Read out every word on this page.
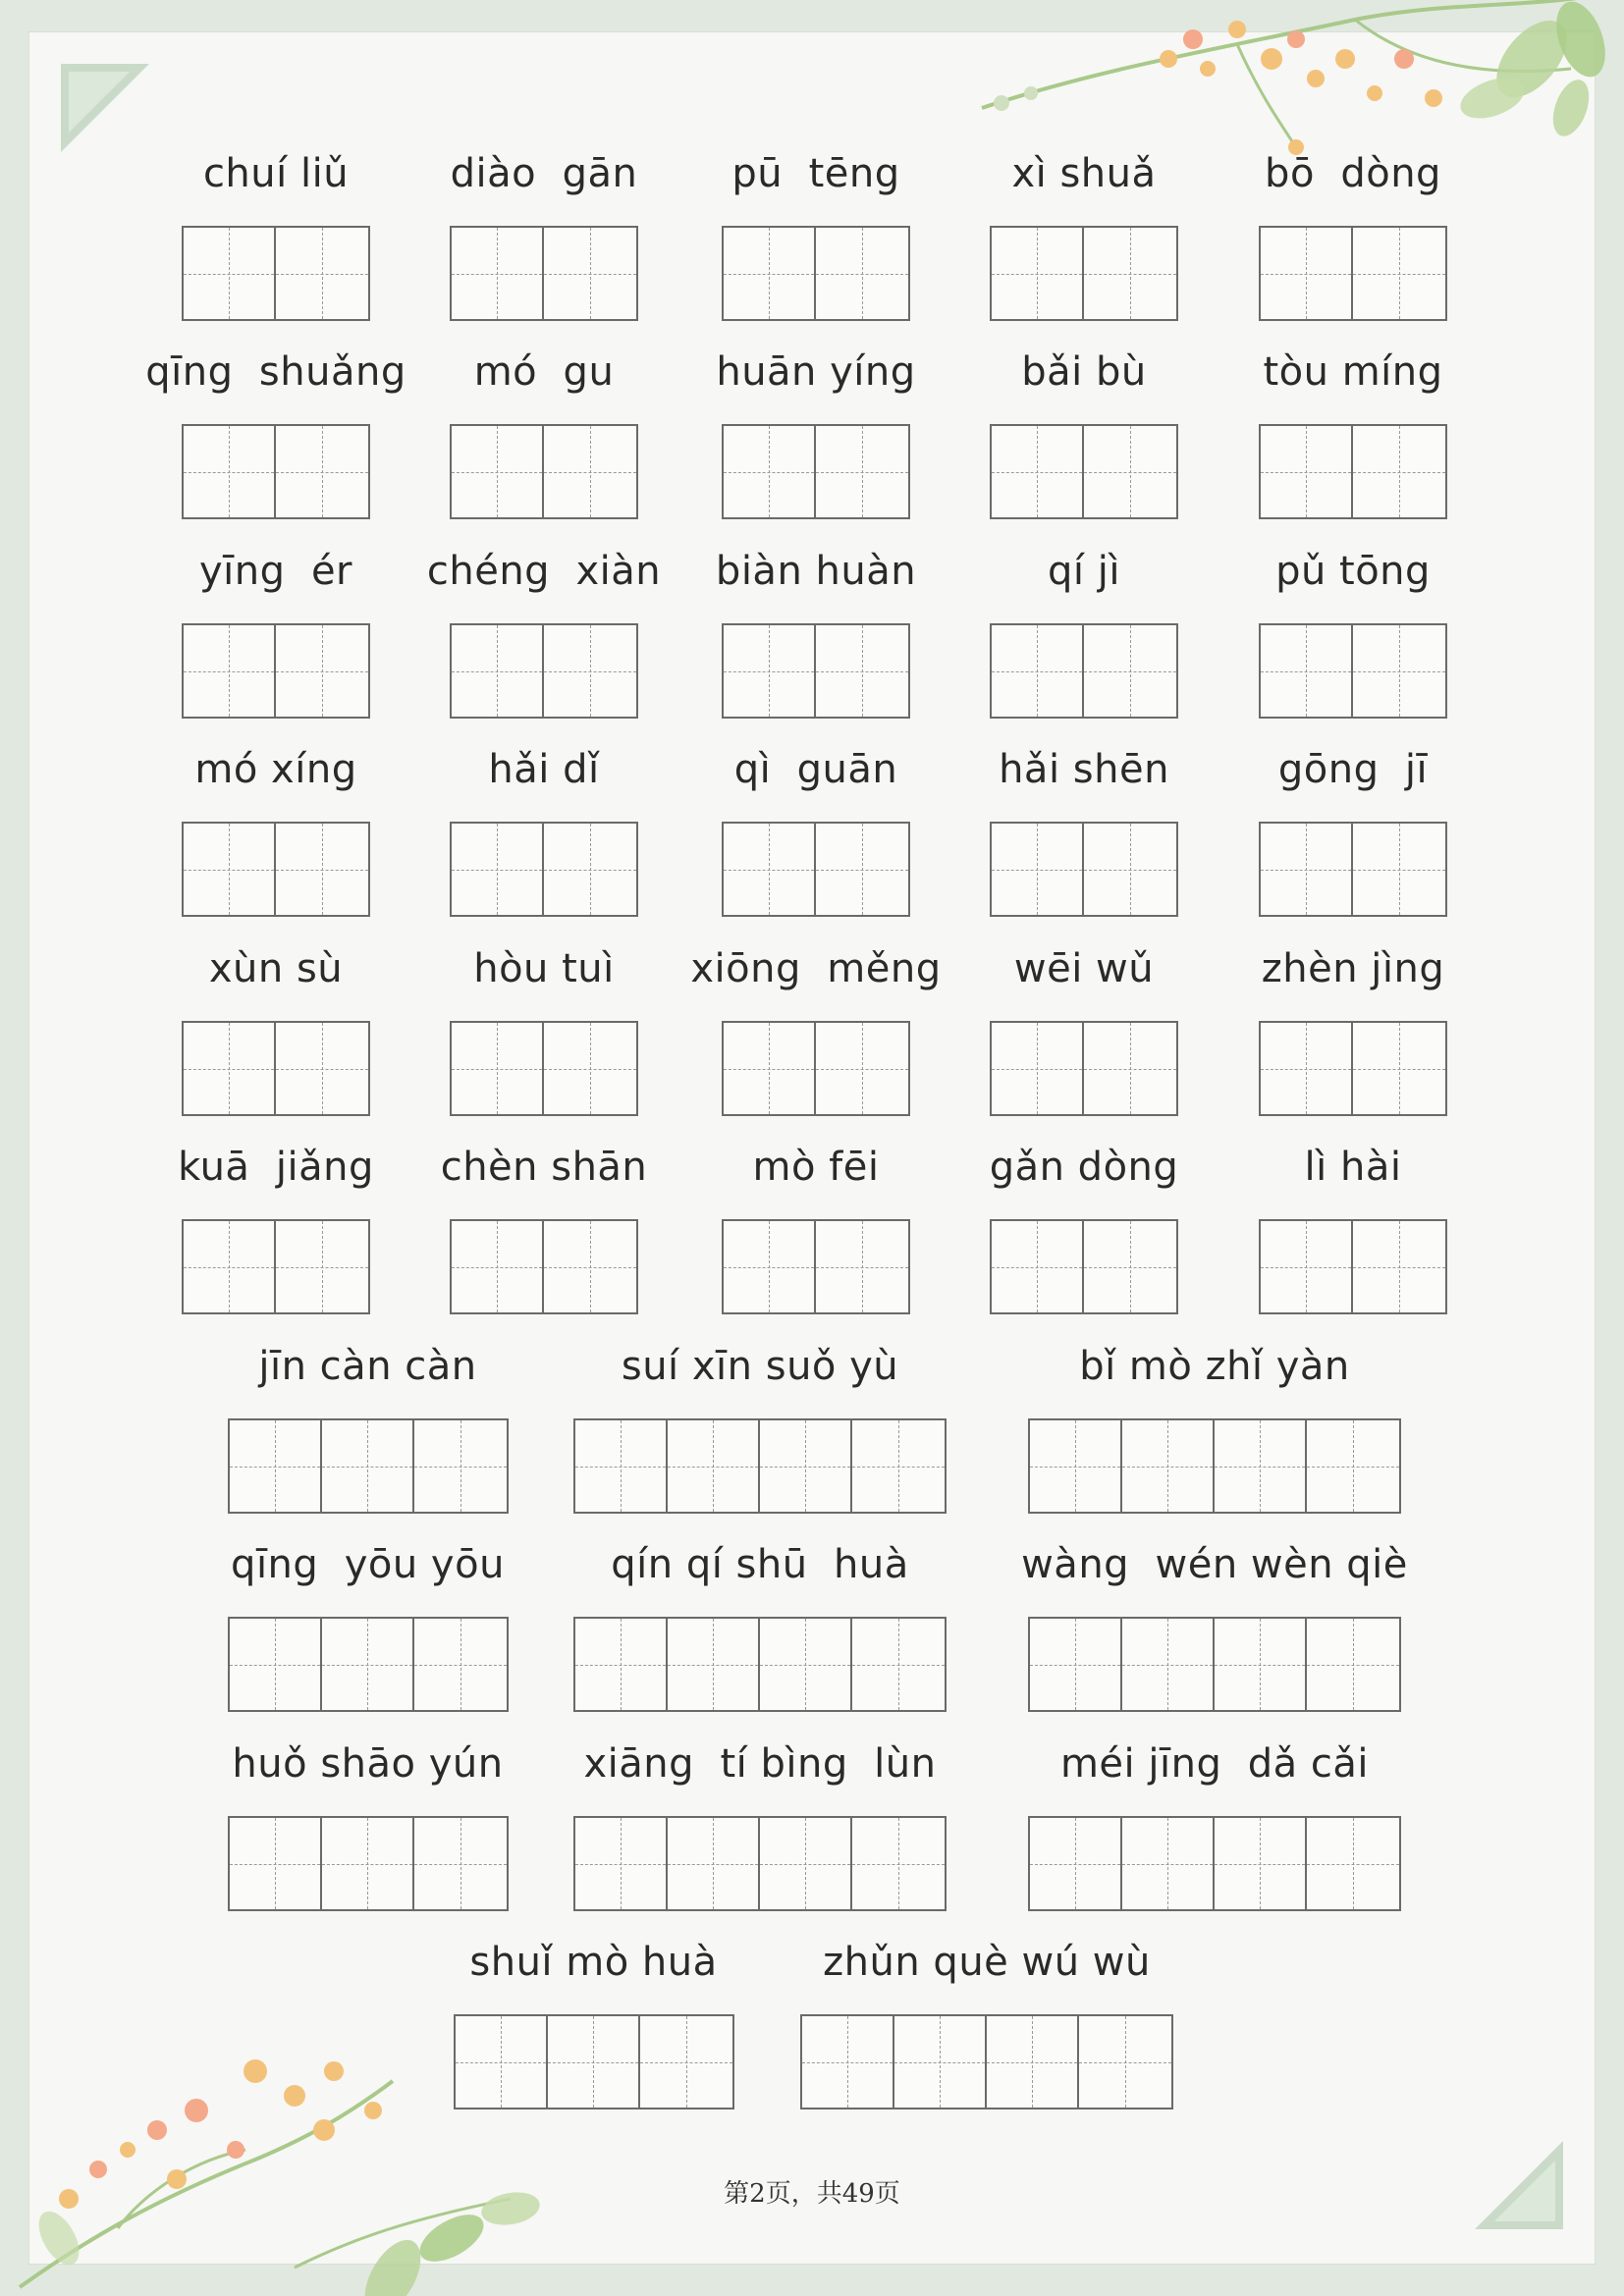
chuí liǔ	diào  gān	pū  tēng	xì shuǎ	bō  dòng
qīng  shuǎng	mó  gu	huān yíng	bǎi bù	tòu míng
yīng  ér	chéng  xiàn	biàn huàn	qí jì	pǔ tōng
mó xíng	hǎi dǐ	qì  guān	hǎi shēn	gōng  jī
xùn sù	hòu tuì	xiōng  měng	wēi wǔ	zhèn jìng
kuā  jiǎng	chèn shān	mò fēi	gǎn dòng	lì hài
jīn càn càn	suí xīn suǒ yù	bǐ mò zhǐ yàn
qīng  yōu yōu	qín qí shū  huà	wàng  wén wèn qiè
huǒ shāo yún	xiāng  tí bìng  lùn	méi jīng  dǎ cǎi
shuǐ mò huà	zhǔn què wú wù
第2页，共49页
